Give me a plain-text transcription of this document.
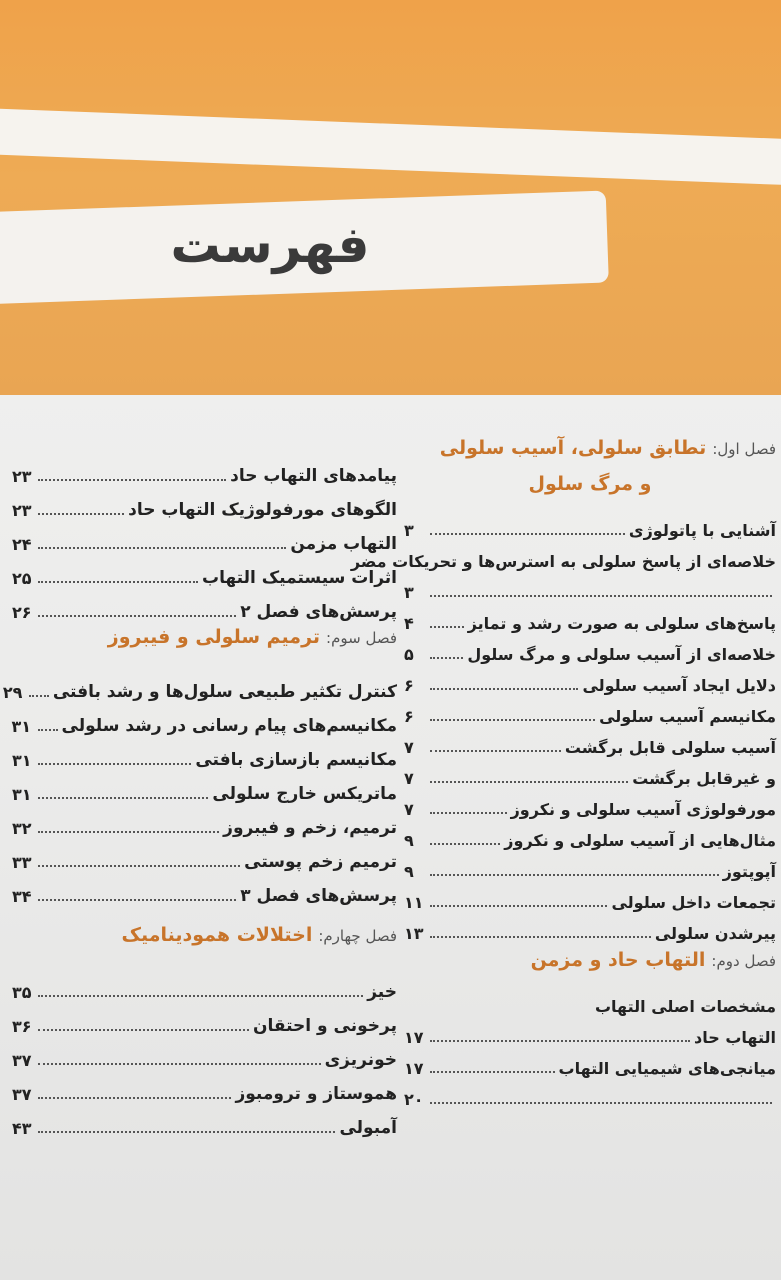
فهرست
فصل اول:
تطابق سلولی، آسیب سلولی
و مرگ سلول
آشنایی با پاتولوژی
۳
خلاصه‌ای از پاسخ سلولی به استرس‌ها و تحریکات مضر
۳
پاسخ‌های سلولی به صورت رشد و تمایز
۴
خلاصه‌ای از آسیب سلولی و مرگ سلول
۵
دلایل ایجاد آسیب سلولی
۶
مکانیسم آسیب سلولی
۶
آسیب سلولی قابل برگشت
۷
و غیرقابل برگشت
۷
مورفولوژی آسیب سلولی و نکروز
۷
مثال‌هایی از آسیب سلولی و نکروز
۹
آپوپتوز
۹
تجمعات داخل سلولی
۱۱
پیرشدن سلولی
۱۳
فصل دوم:
التهاب حاد و مزمن
مشخصات اصلی التهاب
التهاب حاد
۱۷
میانجی‌های شیمیایی التهاب
۱۷
۲۰
پیامدهای التهاب حاد
۲۳
الگوهای مورفولوژیک التهاب حاد
۲۳
التهاب مزمن
۲۴
اثرات سیستمیک التهاب
۲۵
پرسش‌های فصل ۲
۲۶
فصل سوم:
ترمیم سلولی و فیبروز
کنترل تکثیر طبیعی سلول‌ها و رشد بافتی
۲۹
مکانیسم‌های پیام رسانی در رشد سلولی
۳۱
مکانیسم بازسازی بافتی
۳۱
ماتریکس خارج سلولی
۳۱
ترمیم، زخم و فیبروز
۳۲
ترمیم زخم پوستی
۳۳
پرسش‌های فصل ۳
۳۴
فصل چهارم:
اختلالات همودینامیک
خیز
۳۵
پرخونی و احتقان
۳۶
خونریزی
۳۷
هموستاز و ترومبوز
۳۷
آمبولی
۴۳
